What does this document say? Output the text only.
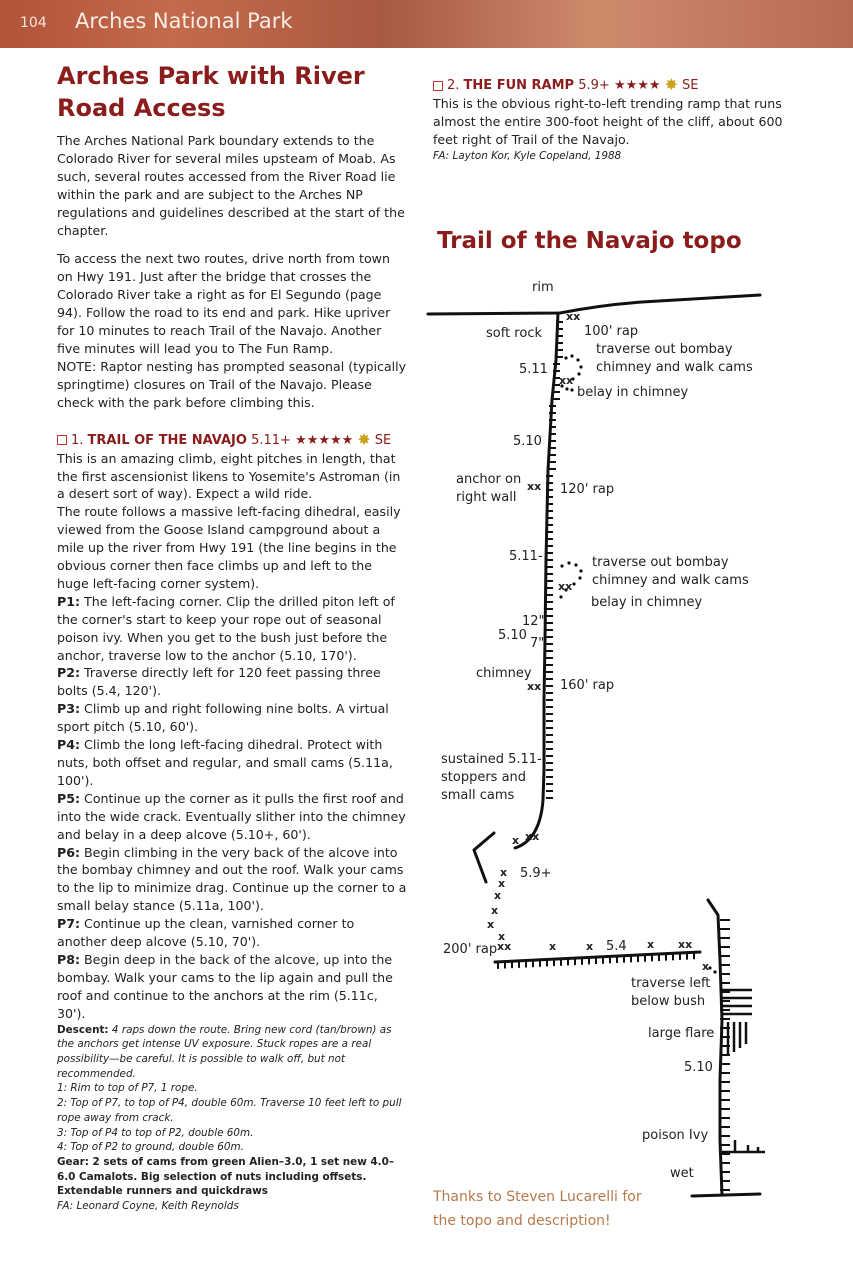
104 Arches National Park
Arches Park with River Road Access

The Arches National Park boundary extends to the Colorado River for several miles upsteam of Moab. As such, several routes accessed from the River Road lie within the park and are subject to the Arches NP regulations and guidelines described at the start of the chapter.

To access the next two routes, drive north from town on Hwy 191. Just after the bridge that crosses the Colorado River take a right as for El Segundo (page 94). Follow the road to its end and park. Hike upriver for 10 minutes to reach Trail of the Navajo. Another five minutes will lead you to The Fun Ramp.
NOTE: Raptor nesting has prompted seasonal (typically springtime) closures on Trail of the Navajo. Please check with the park before climbing this.

1. TRAIL OF THE NAVAJO 5.11+ ★★★★★ ✸ SE

This is an amazing climb, eight pitches in length, that the first ascensionist likens to Yosemite's Astroman (in a desert sort of way). Expect a wild ride.
The route follows a massive left-facing dihedral, easily viewed from the Goose Island campground about a mile up the river from Hwy 191 (the line begins in the obvious corner then face climbs up and left to the huge left-facing corner system).

P1: The left-facing corner. Clip the drilled piton left of the corner's start to keep your rope out of seasonal poison ivy. When you get to the bush just before the anchor, traverse low to the anchor (5.10, 170').

P2: Traverse directly left for 120 feet passing three bolts (5.4, 120').

P3: Climb up and right following nine bolts. A virtual sport pitch (5.10, 60').

P4: Climb the long left-facing dihedral. Protect with nuts, both offset and regular, and small cams (5.11a, 100').

P5: Continue up the corner as it pulls the first roof and into the wide crack. Eventually slither into the chimney and belay in a deep alcove (5.10+, 60').

P6: Begin climbing in the very back of the alcove into the bombay chimney and out the roof. Walk your cams to the lip to minimize drag. Continue up the corner to a small belay stance (5.11a, 100').

P7: Continue up the clean, varnished corner to another deep alcove (5.10, 70').

P8: Begin deep in the back of the alcove, up into the bombay. Walk your cams to the lip again and pull the roof and continue to the anchors at the rim (5.11c, 30').

Descent: 4 raps down the route. Bring new cord (tan/brown) as the anchors get intense UV exposure. Stuck ropes are a real possibility—be careful. It is possible to walk off, but not recommended.
1: Rim to top of P7, 1 rope.
2: Top of P7, to top of P4, double 60m. Traverse 10 feet left to pull rope away from crack.
3: Top of P4 to top of P2, double 60m.
4: Top of P2 to ground, double 60m.
Gear: 2 sets of cams from green Alien–3.0, 1 set new 4.0–6.0 Camalots. Big selection of nuts including offsets. Extendable runners and quickdraws
FA: Leonard Coyne, Keith Reynolds
2. THE FUN RAMP 5.9+ ★★★★ ✸ SE

This is the obvious right-to-left trending ramp that runs almost the entire 300-foot height of the cliff, about 600 feet right of Trail of the Navajo.

FA: Layton Kor, Kyle Copeland, 1988
Trail of the Navajo topo
rim
soft rock
xx
100' rap
traverse out bombay
chimney and walk cams
5.11
xx
belay in chimney
5.10
anchor on
right wall
xx 120' rap
5.11-	traverse out bombay
chimney and walk cams
xx
belay in chimney
12"
5.10
7"
chimney
xx 160' rap
sustained 5.11-
stoppers and
small cams
x xx
x
x
x
x
x
x
5.9+
200' rap xx	x	x 5.4 x xx
x
traverse left
below bush
large flare
5.10
poison Ivy
wet
Thanks to Steven Lucarelli for the topo and description!
